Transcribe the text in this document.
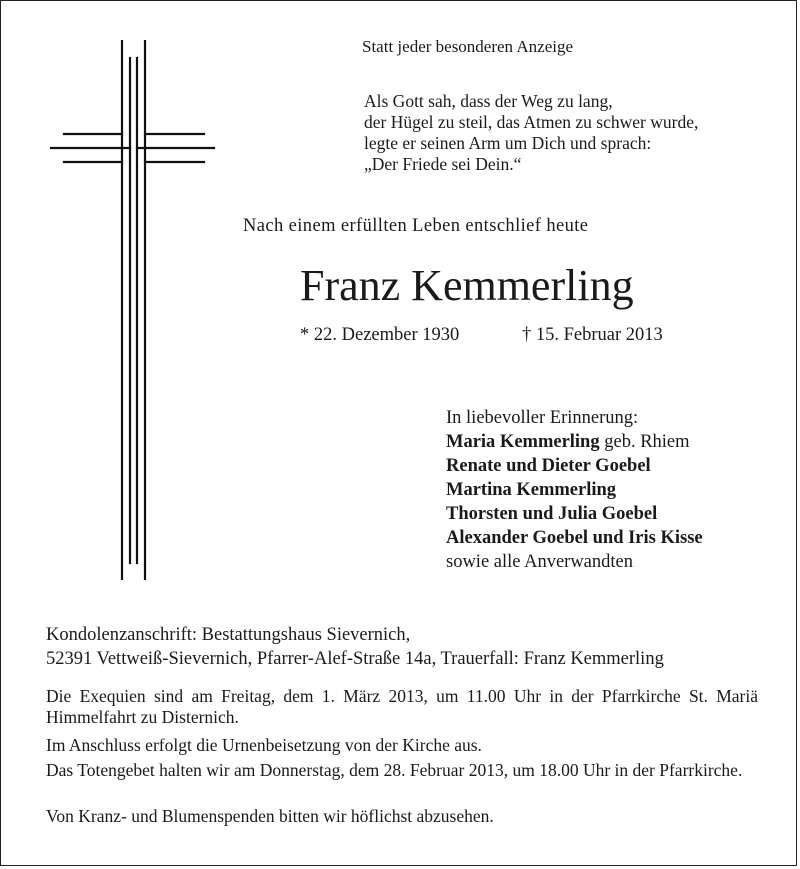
Statt jeder besonderen Anzeige
Als Gott sah, dass der Weg zu lang,
der Hügel zu steil, das Atmen zu schwer wurde,
legte er seinen Arm um Dich und sprach:
„Der Friede sei Dein.“
Nach einem erfüllten Leben entschlief heute
Franz Kemmerling
* 22. Dezember 1930	† 15. Februar 2013
In liebevoller Erinnerung:
Maria Kemmerling geb. Rhiem
Renate und Dieter Goebel
Martina Kemmerling
Thorsten und Julia Goebel
Alexander Goebel und Iris Kisse
sowie alle Anverwandten
Kondolenzanschrift: Bestattungshaus Sievernich,
52391 Vettweiß-Sievernich, Pfarrer-Alef-Straße 14a, Trauerfall: Franz Kemmerling
Die Exequien sind am Freitag, dem 1. März 2013, um 11.00 Uhr in der Pfarrkirche St. Mariä Himmelfahrt zu Disternich.
Im Anschluss erfolgt die Urnenbeisetzung von der Kirche aus.
Das Totengebet halten wir am Donnerstag, dem 28. Februar 2013, um 18.00 Uhr in der Pfarrkirche.
Von Kranz- und Blumenspenden bitten wir höflichst abzusehen.
